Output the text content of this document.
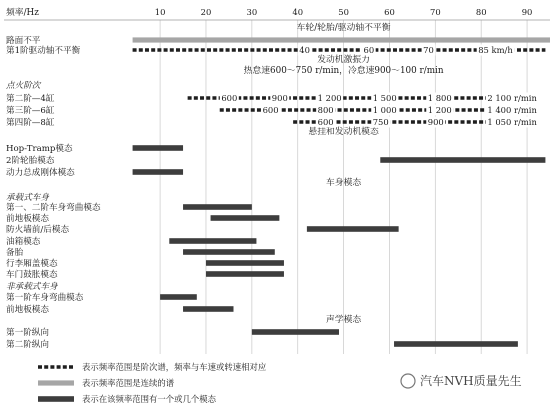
频率/Hz	10	20	30	40	50	60	70	80	90
车轮/轮胎/驱动轴不平衡
发动机激振力
热怠速600～750 r/min，冷怠速900～100 r/min
悬挂和发动机模态
车身模态
声学模态
路面不平
第1阶驱动轴不平衡	40	60	70	85 km/h
点火阶次
第二阶—4缸	600	900	1 200	1 500	1 800	2 100 r/min
第三阶—6缸	600	800	1 000	1 200	1 400 r/min
第四阶—8缸	600	750	900	1 050 r/min
Hop-Tramp模态
2阶轮胎模态
动力总成刚体模态
承载式车身
第一、二阶车身弯曲模态
前地板模态
防火墙前/后模态
油箱模态
备胎
行李厢盖模态
车门鼓胀模态
非承载式车身
第一阶车身弯曲模态
前地板模态
第一阶纵向
第二阶纵向
表示频率范围是阶次谱，频率与车速或转速相对应
表示频率范围是连续的谱
表示在该频率范围有一个或几个模态
汽车NVH质量先生
